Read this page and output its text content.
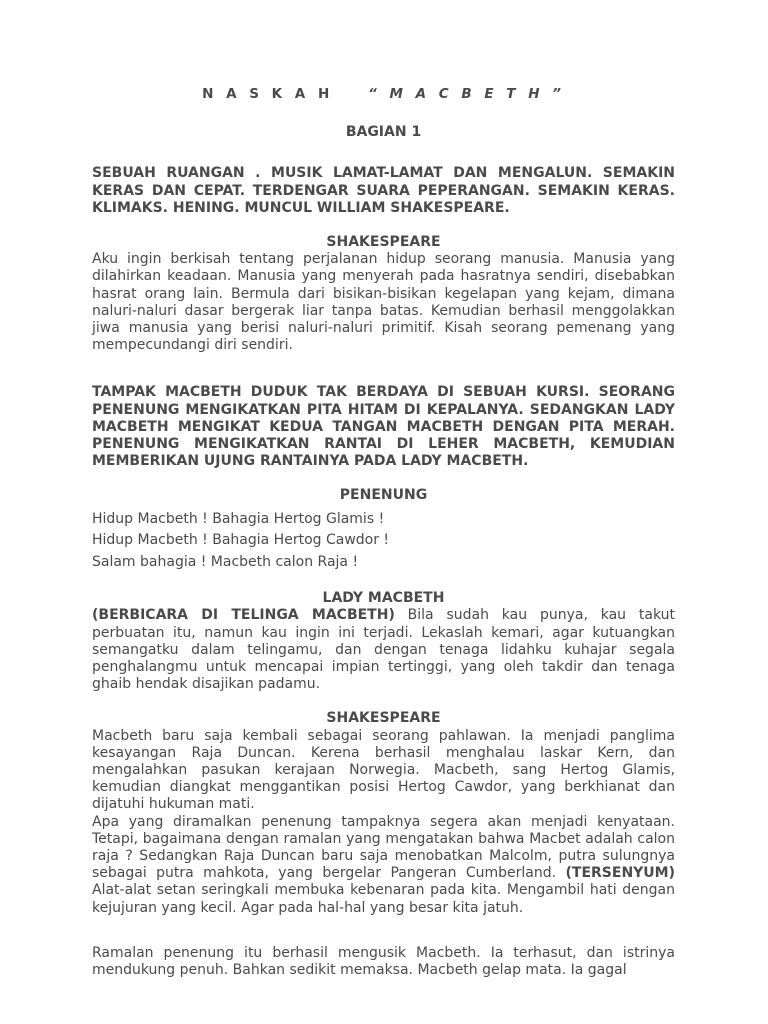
N A S K A H	“ M A C B E T H ”

BAGIAN 1

SEBUAH RUANGAN . MUSIK LAMAT-LAMAT DAN MENGALUN. SEMAKIN KERAS DAN CEPAT. TERDENGAR SUARA PEPERANGAN. SEMAKIN KERAS. KLIMAKS. HENING. MUNCUL WILLIAM SHAKESPEARE.

SHAKESPEARE

Aku ingin berkisah tentang perjalanan hidup seorang manusia. Manusia yang dilahirkan keadaan. Manusia yang menyerah pada hasratnya sendiri, disebabkan hasrat orang lain. Bermula dari bisikan-bisikan kegelapan yang kejam, dimana naluri-naluri dasar bergerak liar tanpa batas. Kemudian berhasil menggolakkan jiwa manusia yang berisi naluri-naluri primitif. Kisah seorang pemenang yang mempecundangi diri sendiri.

TAMPAK MACBETH DUDUK TAK BERDAYA DI SEBUAH KURSI. SEORANG PENENUNG MENGIKATKAN PITA HITAM DI KEPALANYA. SEDANGKAN LADY MACBETH MENGIKAT KEDUA TANGAN MACBETH DENGAN PITA MERAH. PENENUNG MENGIKATKAN RANTAI DI LEHER MACBETH, KEMUDIAN MEMBERIKAN UJUNG RANTAINYA PADA LADY MACBETH.

PENENUNG

Hidup Macbeth ! Bahagia Hertog Glamis !

Hidup Macbeth ! Bahagia Hertog Cawdor !

Salam bahagia ! Macbeth calon Raja !

LADY MACBETH

(BERBICARA DI TELINGA MACBETH) Bila sudah kau punya, kau takut perbuatan itu, namun kau ingin ini terjadi. Lekaslah kemari, agar kutuangkan semangatku dalam telingamu, dan dengan tenaga lidahku kuhajar segala penghalangmu untuk mencapai impian tertinggi, yang oleh takdir dan tenaga ghaib hendak disajikan padamu.

SHAKESPEARE

Macbeth baru saja kembali sebagai seorang pahlawan. Ia menjadi panglima kesayangan Raja Duncan. Kerena berhasil menghalau laskar Kern, dan mengalahkan pasukan kerajaan Norwegia. Macbeth, sang Hertog Glamis, kemudian diangkat menggantikan posisi Hertog Cawdor, yang berkhianat dan dijatuhi hukuman mati.

Apa yang diramalkan penenung tampaknya segera akan menjadi kenyataan. Tetapi, bagaimana dengan ramalan yang mengatakan bahwa Macbet adalah calon raja ? Sedangkan Raja Duncan baru saja menobatkan Malcolm, putra sulungnya sebagai putra mahkota, yang bergelar Pangeran Cumberland. (TERSENYUM) Alat-alat setan seringkali membuka kebenaran pada kita. Mengambil hati dengan kejujuran yang kecil. Agar pada hal-hal yang besar kita jatuh.

Ramalan penenung itu berhasil mengusik Macbeth. Ia terhasut, dan istrinya mendukung penuh. Bahkan sedikit memaksa. Macbeth gelap mata. Ia gagal
